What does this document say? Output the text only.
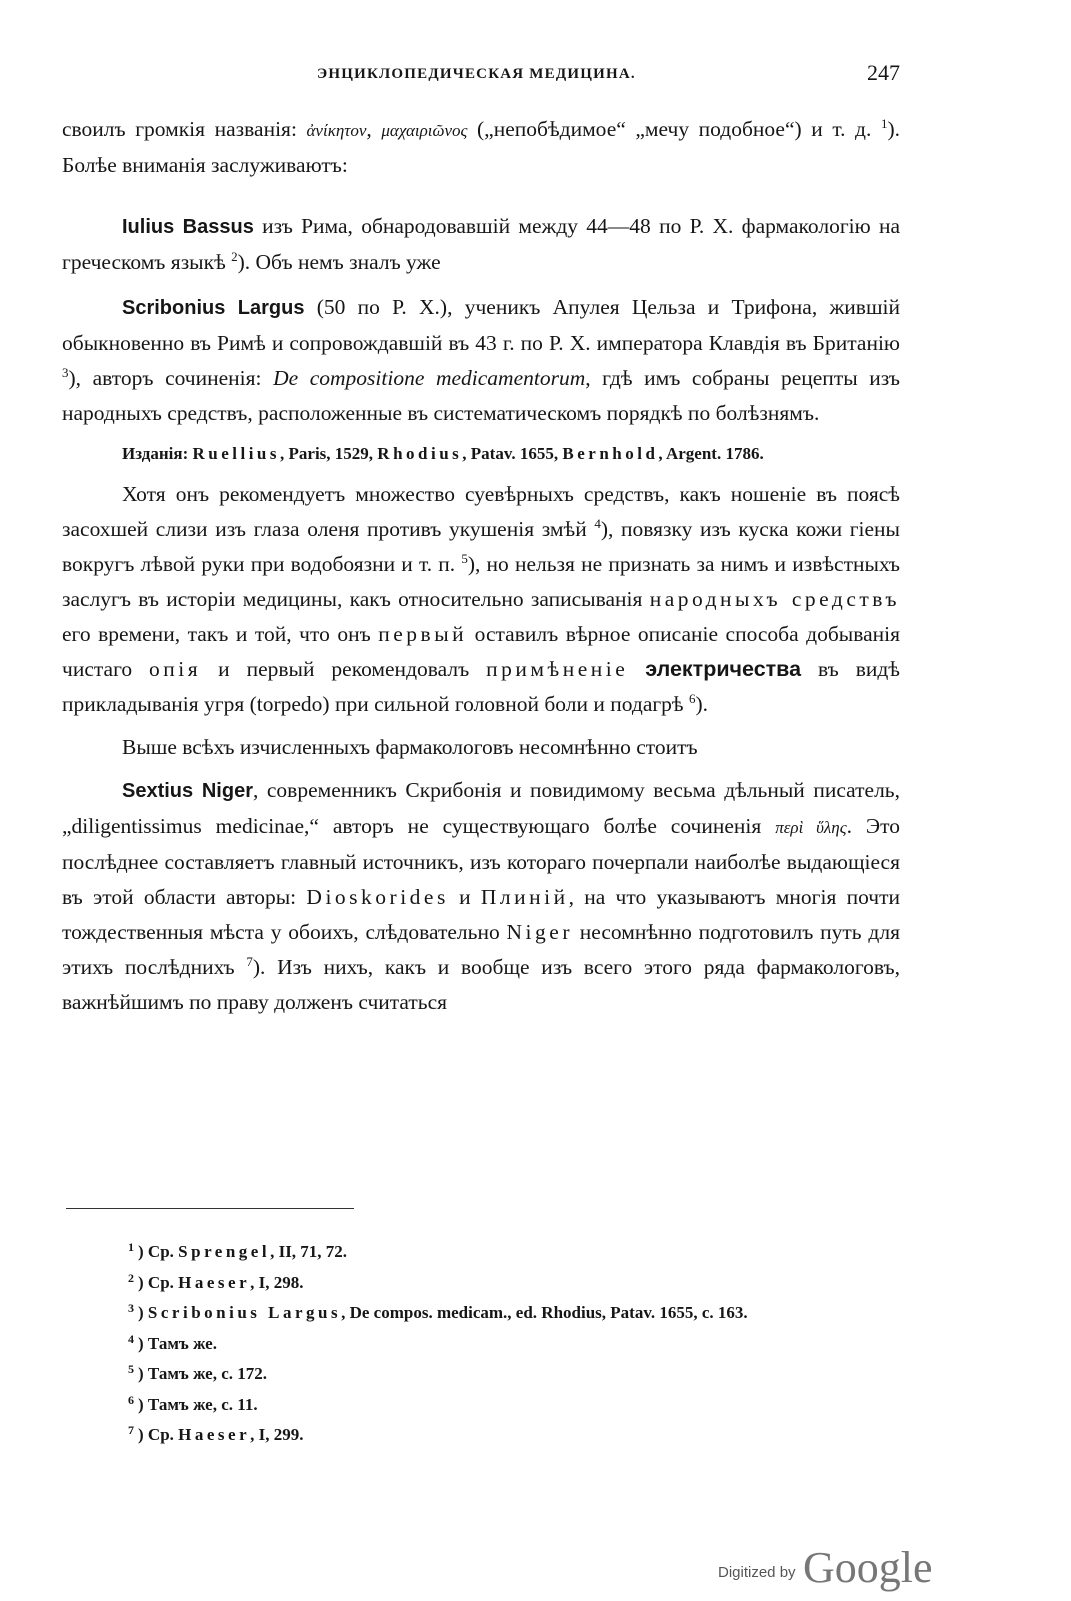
ЭНЦИКЛОПЕДИЧЕСКАЯ МЕДИЦИНА.	247

своилъ громкія названія: ἀνίκητον, μαχαιριῶνος („непобѣдимое“ „мечу подобное“) и т. д. $^1$). Болѣе вниманія заслуживаютъ:

Iulius Bassus изъ Рима, обнародовавшій между 44—48 по Р. Х. фармакологію на греческомъ языкѣ $^2$). Объ немъ зналъ уже

Scribonius Largus (50 по Р. Х.), ученикъ Апулея Цельза и Трифона, жившій обыкновенно въ Римѣ и сопровождавшій въ 43 г. по Р. Х. императора Клавдія въ Британію $^3$), авторъ сочиненія: De compositione medicamentorum, гдѣ имъ собраны рецепты изъ народныхъ средствъ, расположенные въ систематическомъ порядкѣ по болѣзнямъ.

Изданія: Ruellius, Paris, 1529, Rhodius, Patav. 1655, Bernhold, Argent. 1786.

Хотя онъ рекомендуетъ множество суевѣрныхъ средствъ, какъ ношеніе въ поясѣ засохшей слизи изъ глаза оленя противъ укушенія змѣй $^4$), повязку изъ куска кожи гіены вокругъ лѣвой руки при водобоязни и т. п. $^5$), но нельзя не признать за нимъ и извѣстныхъ заслугъ въ исторіи медицины, какъ относительно записыванія народныхъ средствъ его времени, такъ и той, что онъ первый оставилъ вѣрное описаніе способа добыванія чистаго опія и первый рекомендовалъ примѣненіе электричества въ видѣ прикладыванія угря (torpedo) при сильной головной боли и подагрѣ $^6$).

Выше всѣхъ изчисленныхъ фармакологовъ несомнѣнно стоитъ

Sextius Niger, современникъ Скрибонія и повидимому весьма дѣльный писатель, „diligentissimus medicinae,“ авторъ не существующаго болѣе сочиненія περὶ ὕλης. Это послѣднее составляетъ главный источникъ, изъ котораго почерпали наиболѣе выдающіеся въ этой области авторы: Dioskorides и Плиній, на что указываютъ многія почти тождественныя мѣста у обоихъ, слѣдовательно Niger несомнѣнно подготовилъ путь для этихъ послѣднихъ $^7$). Изъ нихъ, какъ и вообще изъ всего этого ряда фармакологовъ, важнѣйшимъ по праву долженъ считаться

$^1$ ) Ср. Sprengel, II, 71, 72.
$^2$ ) Ср. Haeser, I, 298.
$^3$ ) Scribonius Largus, De compos. medicam., ed. Rhodius, Patav. 1655, c. 163.
$^4$ ) Тамъ же.
$^5$ ) Тамъ же, c. 172.
$^6$ ) Тамъ же, c. 11.
$^7$ ) Ср. Haeser, I, 299.
Digitized by Google
